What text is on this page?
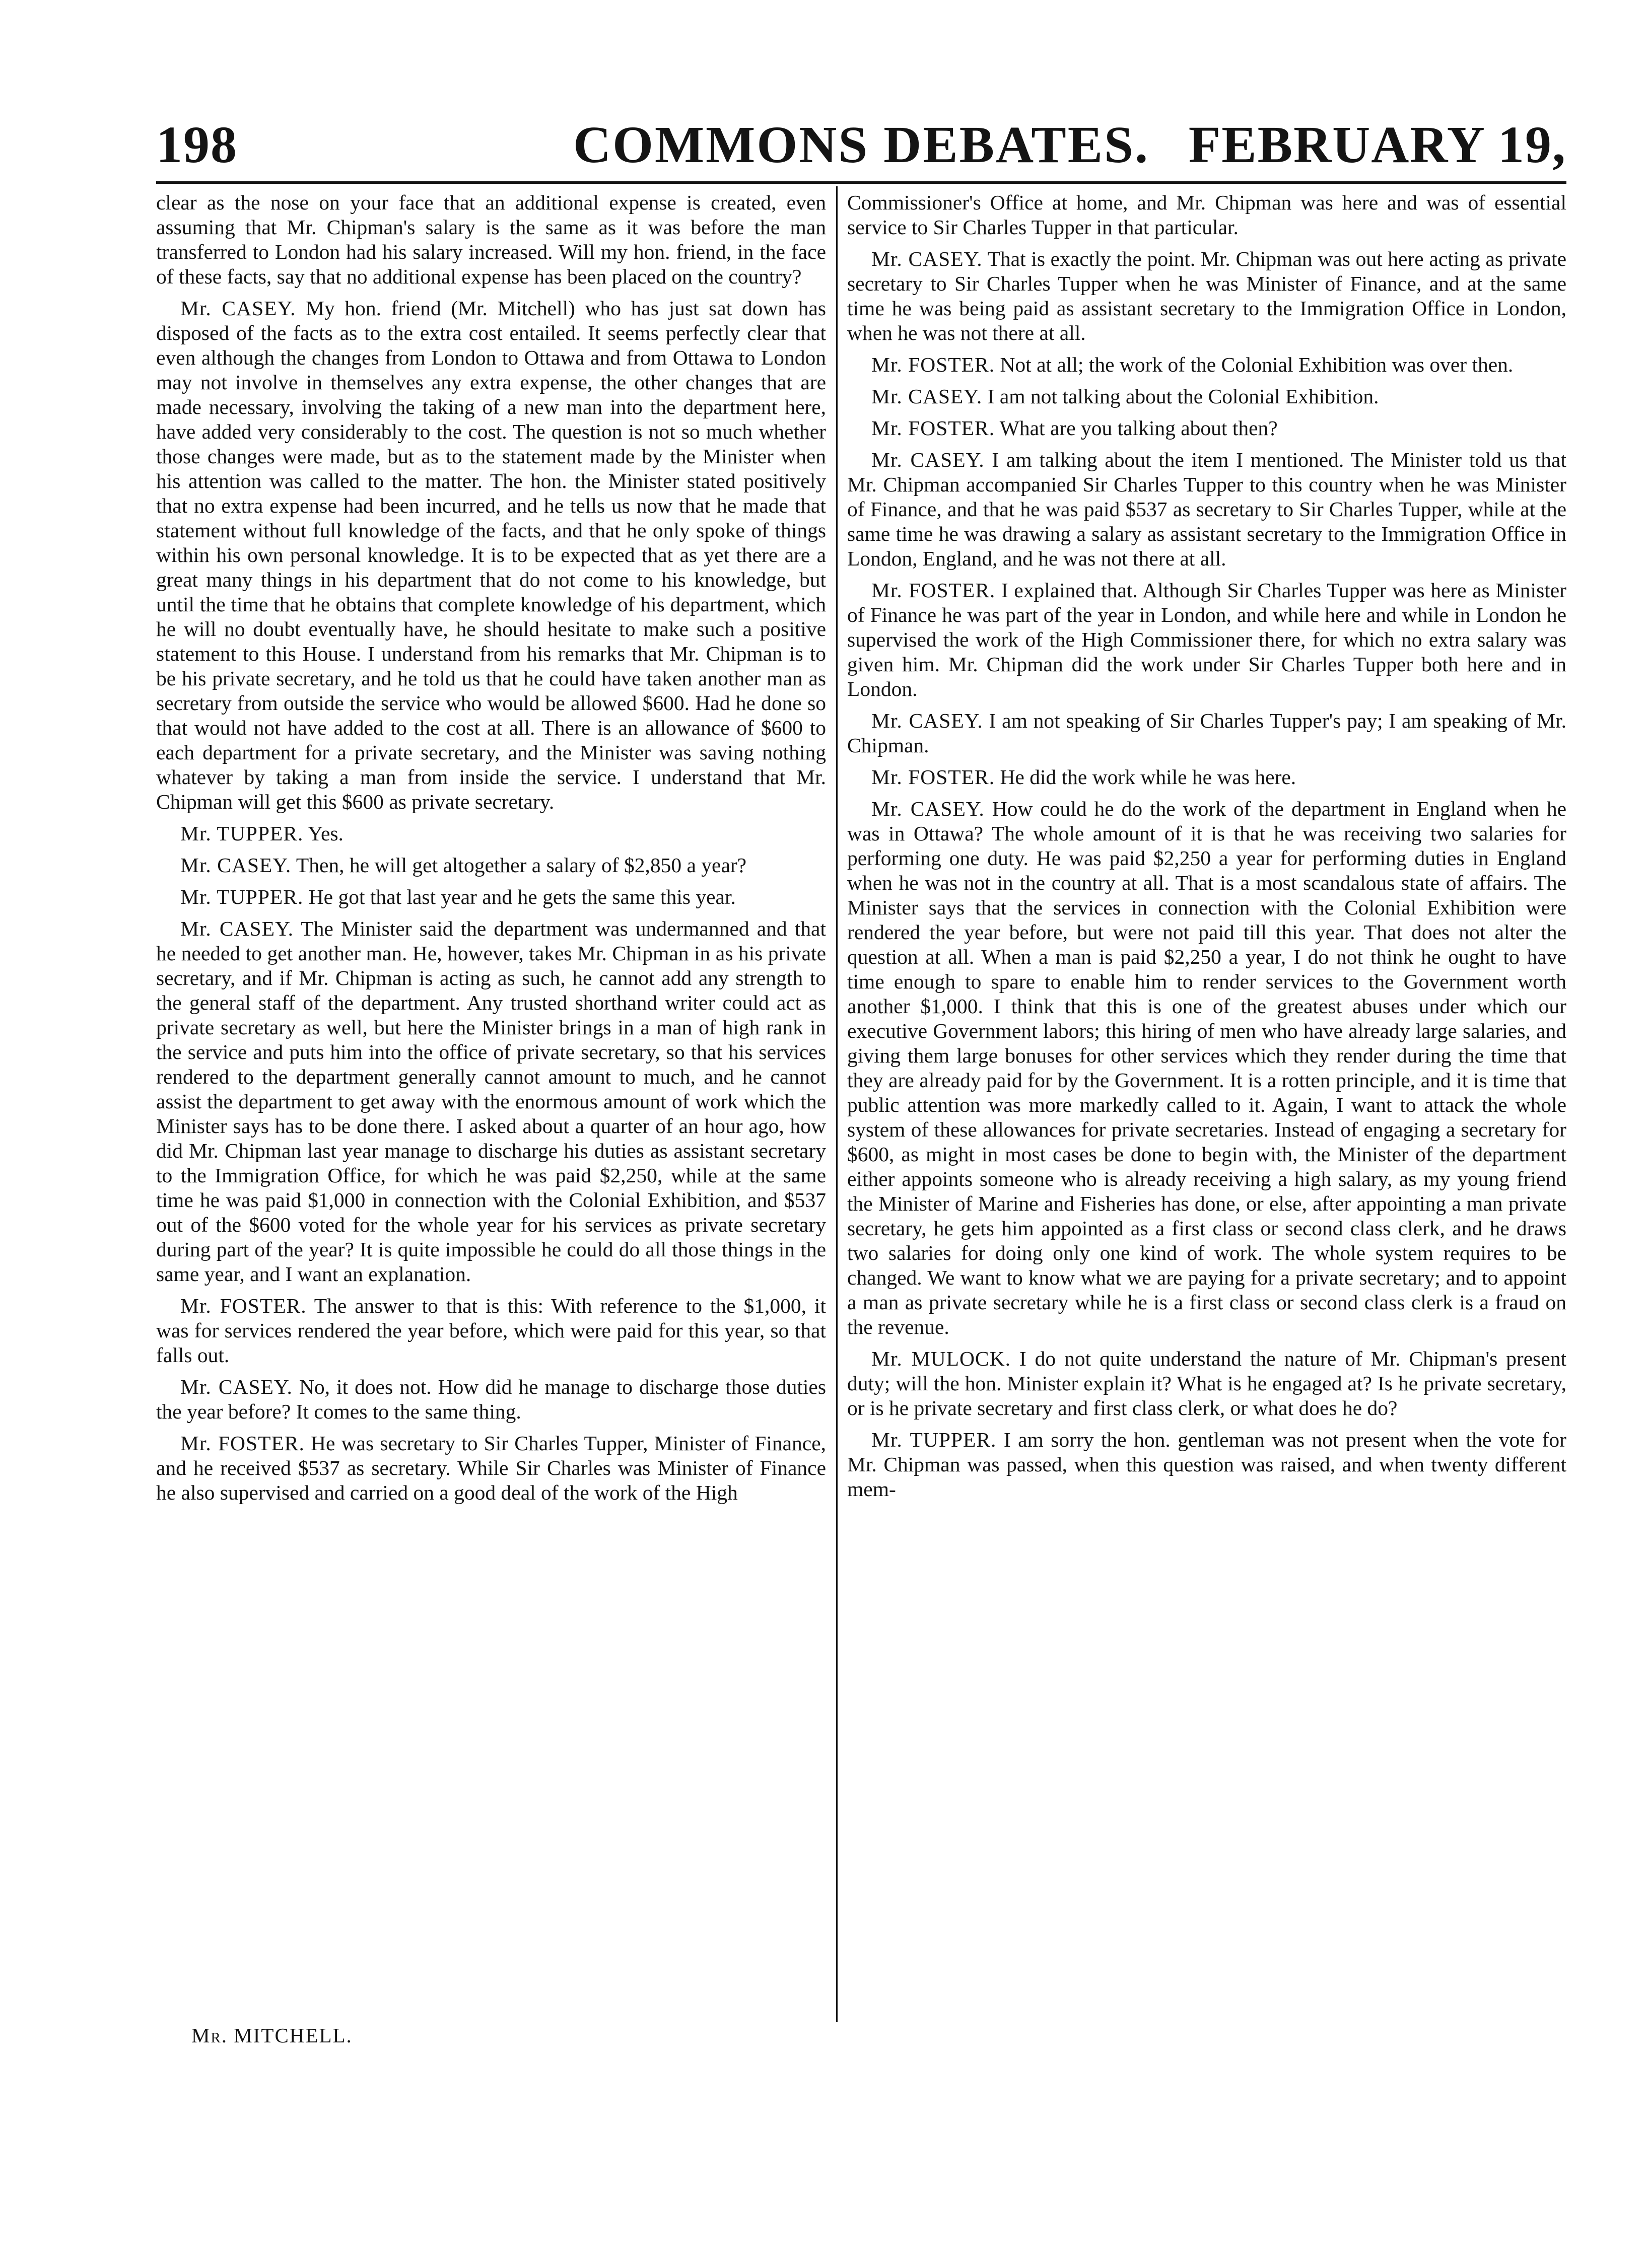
198	COMMONS DEBATES. FEBRUARY 19,

clear as the nose on your face that an additional expense is created, even assuming that Mr. Chipman's salary is the same as it was before the man transferred to London had his salary increased. Will my hon. friend, in the face of these facts, say that no additional expense has been placed on the country?

Mr. CASEY. My hon. friend (Mr. Mitchell) who has just sat down has disposed of the facts as to the extra cost entailed. It seems perfectly clear that even although the changes from London to Ottawa and from Ottawa to London may not involve in themselves any extra expense, the other changes that are made necessary, involving the taking of a new man into the department here, have added very considerably to the cost. The question is not so much whether those changes were made, but as to the statement made by the Minister when his attention was called to the matter. The hon. the Minister stated positively that no extra expense had been incurred, and he tells us now that he made that statement without full knowledge of the facts, and that he only spoke of things within his own personal knowledge. It is to be expected that as yet there are a great many things in his department that do not come to his knowledge, but until the time that he obtains that complete knowledge of his department, which he will no doubt eventually have, he should hesitate to make such a positive statement to this House. I understand from his remarks that Mr. Chipman is to be his private secretary, and he told us that he could have taken another man as secretary from outside the service who would be allowed $600. Had he done so that would not have added to the cost at all. There is an allowance of $600 to each department for a private secretary, and the Minister was saving nothing whatever by taking a man from inside the service. I understand that Mr. Chipman will get this $600 as private secretary.

Mr. TUPPER. Yes.

Mr. CASEY. Then, he will get altogether a salary of $2,850 a year?

Mr. TUPPER. He got that last year and he gets the same this year.

Mr. CASEY. The Minister said the department was undermanned and that he needed to get another man. He, however, takes Mr. Chipman in as his private secretary, and if Mr. Chipman is acting as such, he cannot add any strength to the general staff of the department. Any trusted shorthand writer could act as private secretary as well, but here the Minister brings in a man of high rank in the service and puts him into the office of private secretary, so that his services rendered to the department generally cannot amount to much, and he cannot assist the department to get away with the enormous amount of work which the Minister says has to be done there. I asked about a quarter of an hour ago, how did Mr. Chipman last year manage to discharge his duties as assistant secretary to the Immigration Office, for which he was paid $2,250, while at the same time he was paid $1,000 in connection with the Colonial Exhibition, and $537 out of the $600 voted for the whole year for his services as private secretary during part of the year? It is quite impossible he could do all those things in the same year, and I want an explanation.

Mr. FOSTER. The answer to that is this: With reference to the $1,000, it was for services rendered the year before, which were paid for this year, so that falls out.

Mr. CASEY. No, it does not. How did he manage to discharge those duties the year before? It comes to the same thing.

Mr. FOSTER. He was secretary to Sir Charles Tupper, Minister of Finance, and he received $537 as secretary. While Sir Charles was Minister of Finance he also supervised and carried on a good deal of the work of the High

Commissioner's Office at home, and Mr. Chipman was here and was of essential service to Sir Charles Tupper in that particular.

Mr. CASEY. That is exactly the point. Mr. Chipman was out here acting as private secretary to Sir Charles Tupper when he was Minister of Finance, and at the same time he was being paid as assistant secretary to the Immigration Office in London, when he was not there at all.

Mr. FOSTER. Not at all; the work of the Colonial Exhibition was over then.

Mr. CASEY. I am not talking about the Colonial Exhibition.

Mr. FOSTER. What are you talking about then?

Mr. CASEY. I am talking about the item I mentioned. The Minister told us that Mr. Chipman accompanied Sir Charles Tupper to this country when he was Minister of Finance, and that he was paid $537 as secretary to Sir Charles Tupper, while at the same time he was drawing a salary as assistant secretary to the Immigration Office in London, England, and he was not there at all.

Mr. FOSTER. I explained that. Although Sir Charles Tupper was here as Minister of Finance he was part of the year in London, and while here and while in London he supervised the work of the High Commissioner there, for which no extra salary was given him. Mr. Chipman did the work under Sir Charles Tupper both here and in London.

Mr. CASEY. I am not speaking of Sir Charles Tupper's pay; I am speaking of Mr. Chipman.

Mr. FOSTER. He did the work while he was here.

Mr. CASEY. How could he do the work of the department in England when he was in Ottawa? The whole amount of it is that he was receiving two salaries for performing one duty. He was paid $2,250 a year for performing duties in England when he was not in the country at all. That is a most scandalous state of affairs. The Minister says that the services in connection with the Colonial Exhibition were rendered the year before, but were not paid till this year. That does not alter the question at all. When a man is paid $2,250 a year, I do not think he ought to have time enough to spare to enable him to render services to the Government worth another $1,000. I think that this is one of the greatest abuses under which our executive Government labors; this hiring of men who have already large salaries, and giving them large bonuses for other services which they render during the time that they are already paid for by the Government. It is a rotten principle, and it is time that public attention was more markedly called to it. Again, I want to attack the whole system of these allowances for private secretaries. Instead of engaging a secretary for $600, as might in most cases be done to begin with, the Minister of the department either appoints someone who is already receiving a high salary, as my young friend the Minister of Marine and Fisheries has done, or else, after appointing a man private secretary, he gets him appointed as a first class or second class clerk, and he draws two salaries for doing only one kind of work. The whole system requires to be changed. We want to know what we are paying for a private secretary; and to appoint a man as private secretary while he is a first class or second class clerk is a fraud on the revenue.

Mr. MULOCK. I do not quite understand the nature of Mr. Chipman's present duty; will the hon. Minister explain it? What is he engaged at? Is he private secretary, or is he private secretary and first class clerk, or what does he do?

Mr. TUPPER. I am sorry the hon. gentleman was not present when the vote for Mr. Chipman was passed, when this question was raised, and when twenty different mem-

Mr. MITCHELL.
